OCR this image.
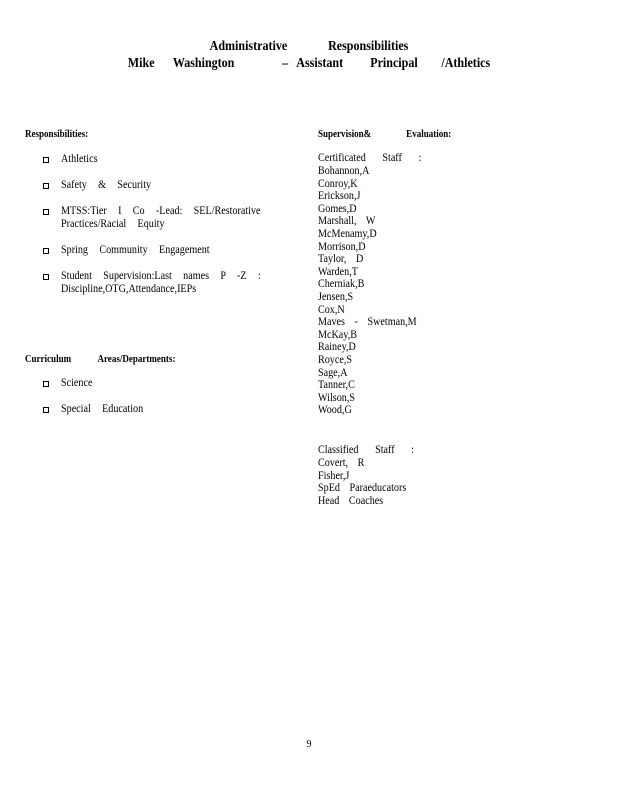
Administrative Responsibilities
Mike Washington	– Assistant Principal /Athletics

Responsibilities:

Athletics
Safety & Security
MTSS:Tier I Co -Lead: SEL/Restorative Practices/Racial Equity
Spring Community Engagement
Student Supervision:Last names P -Z : Discipline,OTG,Attendance,IEPs

Curriculum Areas/Departments:

Science
Special Education

Supervision& Evaluation:

Certificated Staff :

Bohannon,A
Conroy,K
Erickson,J
Gomes,D
Marshall, W
McMenamy,D
Morrison,D
Taylor, D
Warden,T
Cherniak,B
Jensen,S
Cox,N
Maves - Swetman,M
McKay,B
Rainey,D
Royce,S
Sage,A
Tanner,C
Wilson,S
Wood,G

Classified Staff :

Covert, R
Fisher,J
SpEd Paraeducators
Head Coaches

9
